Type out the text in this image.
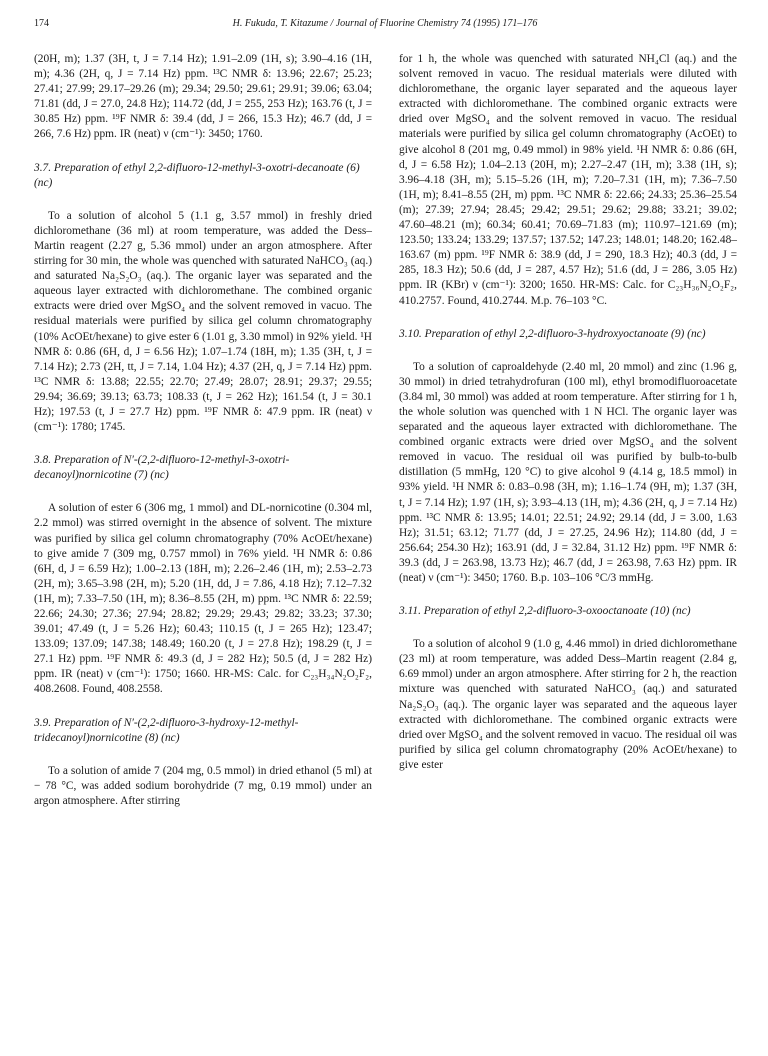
174	H. Fukuda, T. Kitazume / Journal of Fluorine Chemistry 74 (1995) 171–176

(20H, m); 1.37 (3H, t, J = 7.14 Hz); 1.91–2.09 (1H, s); 3.90–4.16 (1H, m); 4.36 (2H, q, J = 7.14 Hz) ppm. ¹³C NMR δ: 13.96; 22.67; 25.23; 27.41; 27.99; 29.17–29.26 (m); 29.34; 29.50; 29.61; 29.91; 39.06; 63.04; 71.81 (dd, J = 27.0, 24.8 Hz); 114.72 (dd, J = 255, 253 Hz); 163.76 (t, J = 30.85 Hz) ppm. ¹⁹F NMR δ: 39.4 (dd, J = 266, 15.3 Hz); 46.7 (dd, J = 266, 7.6 Hz) ppm. IR (neat) ν (cm⁻¹): 3450; 1760.

3.7. Preparation of ethyl 2,2-difluoro-12-methyl-3-oxotri-decanoate (6) (nc)

To a solution of alcohol 5 (1.1 g, 3.57 mmol) in freshly dried dichloromethane (36 ml) at room temperature, was added the Dess–Martin reagent (2.27 g, 5.36 mmol) under an argon atmosphere. After stirring for 30 min, the whole was quenched with saturated NaHCO₃ (aq.) and saturated Na₂S₂O₃ (aq.). The organic layer was separated and the aqueous layer extracted with dichloromethane. The combined organic extracts were dried over MgSO₄ and the solvent removed in vacuo. The residual materials were purified by silica gel column chromatography (10% AcOEt/hexane) to give ester 6 (1.01 g, 3.30 mmol) in 92% yield. ¹H NMR δ: 0.86 (6H, d, J = 6.56 Hz); 1.07–1.74 (18H, m); 1.35 (3H, t, J = 7.14 Hz); 2.73 (2H, tt, J = 7.14, 1.04 Hz); 4.37 (2H, q, J = 7.14 Hz) ppm. ¹³C NMR δ: 13.88; 22.55; 22.70; 27.49; 28.07; 28.91; 29.37; 29.55; 29.94; 36.69; 39.13; 63.73; 108.33 (t, J = 262 Hz); 161.54 (t, J = 30.1 Hz); 197.53 (t, J = 27.7 Hz) ppm. ¹⁹F NMR δ: 47.9 ppm. IR (neat) ν (cm⁻¹): 1780; 1745.

3.8. Preparation of N′-(2,2-difluoro-12-methyl-3-oxotri-decanoyl)nornicotine (7) (nc)

A solution of ester 6 (306 mg, 1 mmol) and DL-nornicotine (0.304 ml, 2.2 mmol) was stirred overnight in the absence of solvent. The mixture was purified by silica gel column chromatography (70% AcOEt/hexane) to give amide 7 (309 mg, 0.757 mmol) in 76% yield. ¹H NMR δ: 0.86 (6H, d, J = 6.59 Hz); 1.00–2.13 (18H, m); 2.26–2.46 (1H, m); 2.53–2.73 (2H, m); 3.65–3.98 (2H, m); 5.20 (1H, dd, J = 7.86, 4.18 Hz); 7.12–7.32 (1H, m); 7.33–7.50 (1H, m); 8.36–8.55 (2H, m) ppm. ¹³C NMR δ: 22.59; 22.66; 24.30; 27.36; 27.94; 28.82; 29.29; 29.43; 29.82; 33.23; 37.30; 39.01; 47.49 (t, J = 5.26 Hz); 60.43; 110.15 (t, J = 265 Hz); 123.47; 133.09; 137.09; 147.38; 148.49; 160.20 (t, J = 27.8 Hz); 198.29 (t, J = 27.1 Hz) ppm. ¹⁹F NMR δ: 49.3 (d, J = 282 Hz); 50.5 (d, J = 282 Hz) ppm. IR (neat) ν (cm⁻¹): 1750; 1660. HR-MS: Calc. for C₂₃H₃₄N₂O₂F₂, 408.2608. Found, 408.2558.

3.9. Preparation of N′-(2,2-difluoro-3-hydroxy-12-methyl-tridecanoyl)nornicotine (8) (nc)

To a solution of amide 7 (204 mg, 0.5 mmol) in dried ethanol (5 ml) at − 78 °C, was added sodium borohydride (7 mg, 0.19 mmol) under an argon atmosphere. After stirring

for 1 h, the whole was quenched with saturated NH₄Cl (aq.) and the solvent removed in vacuo. The residual materials were diluted with dichloromethane, the organic layer separated and the aqueous layer extracted with dichloromethane. The combined organic extracts were dried over MgSO₄ and the solvent removed in vacuo. The residual materials were purified by silica gel column chromatography (AcOEt) to give alcohol 8 (201 mg, 0.49 mmol) in 98% yield. ¹H NMR δ: 0.86 (6H, d, J = 6.58 Hz); 1.04–2.13 (20H, m); 2.27–2.47 (1H, m); 3.38 (1H, s); 3.96–4.18 (3H, m); 5.15–5.26 (1H, m); 7.20–7.31 (1H, m); 7.36–7.50 (1H, m); 8.41–8.55 (2H, m) ppm. ¹³C NMR δ: 22.66; 24.33; 25.36–25.54 (m); 27.39; 27.94; 28.45; 29.42; 29.51; 29.62; 29.88; 33.21; 39.02; 47.60–48.21 (m); 60.34; 60.41; 70.69–71.83 (m); 110.97–121.69 (m); 123.50; 133.24; 133.29; 137.57; 137.52; 147.23; 148.01; 148.20; 162.48–163.67 (m) ppm. ¹⁹F NMR δ: 38.9 (dd, J = 290, 18.3 Hz); 40.3 (dd, J = 285, 18.3 Hz); 50.6 (dd, J = 287, 4.57 Hz); 51.6 (dd, J = 286, 3.05 Hz) ppm. IR (KBr) ν (cm⁻¹): 3200; 1650. HR-MS: Calc. for C₂₃H₃₆N₂O₂F₂, 410.2757. Found, 410.2744. M.p. 76–103 °C.

3.10. Preparation of ethyl 2,2-difluoro-3-hydroxyoctanoate (9) (nc)

To a solution of caproaldehyde (2.40 ml, 20 mmol) and zinc (1.96 g, 30 mmol) in dried tetrahydrofuran (100 ml), ethyl bromodifluoroacetate (3.84 ml, 30 mmol) was added at room temperature. After stirring for 1 h, the whole solution was quenched with 1 N HCl. The organic layer was separated and the aqueous layer extracted with dichloromethane. The combined organic extracts were dried over MgSO₄ and the solvent removed in vacuo. The residual oil was purified by bulb-to-bulb distillation (5 mmHg, 120 °C) to give alcohol 9 (4.14 g, 18.5 mmol) in 93% yield. ¹H NMR δ: 0.83–0.98 (3H, m); 1.16–1.74 (9H, m); 1.37 (3H, t, J = 7.14 Hz); 1.97 (1H, s); 3.93–4.13 (1H, m); 4.36 (2H, q, J = 7.14 Hz) ppm. ¹³C NMR δ: 13.95; 14.01; 22.51; 24.92; 29.14 (dd, J = 3.00, 1.63 Hz); 31.51; 63.12; 71.77 (dd, J = 27.25, 24.96 Hz); 114.80 (dd, J = 256.64; 254.30 Hz); 163.91 (dd, J = 32.84, 31.12 Hz) ppm. ¹⁹F NMR δ: 39.3 (dd, J = 263.98, 13.73 Hz); 46.7 (dd, J = 263.98, 7.63 Hz) ppm. IR (neat) ν (cm⁻¹): 3450; 1760. B.p. 103–106 °C/3 mmHg.

3.11. Preparation of ethyl 2,2-difluoro-3-oxooctanoate (10) (nc)

To a solution of alcohol 9 (1.0 g, 4.46 mmol) in dried dichloromethane (23 ml) at room temperature, was added Dess–Martin reagent (2.84 g, 6.69 mmol) under an argon atmosphere. After stirring for 2 h, the reaction mixture was quenched with saturated NaHCO₃ (aq.) and saturated Na₂S₂O₃ (aq.). The organic layer was separated and the aqueous layer extracted with dichloromethane. The combined organic extracts were dried over MgSO₄ and the solvent removed in vacuo. The residual oil was purified by silica gel column chromatography (20% AcOEt/hexane) to give ester
